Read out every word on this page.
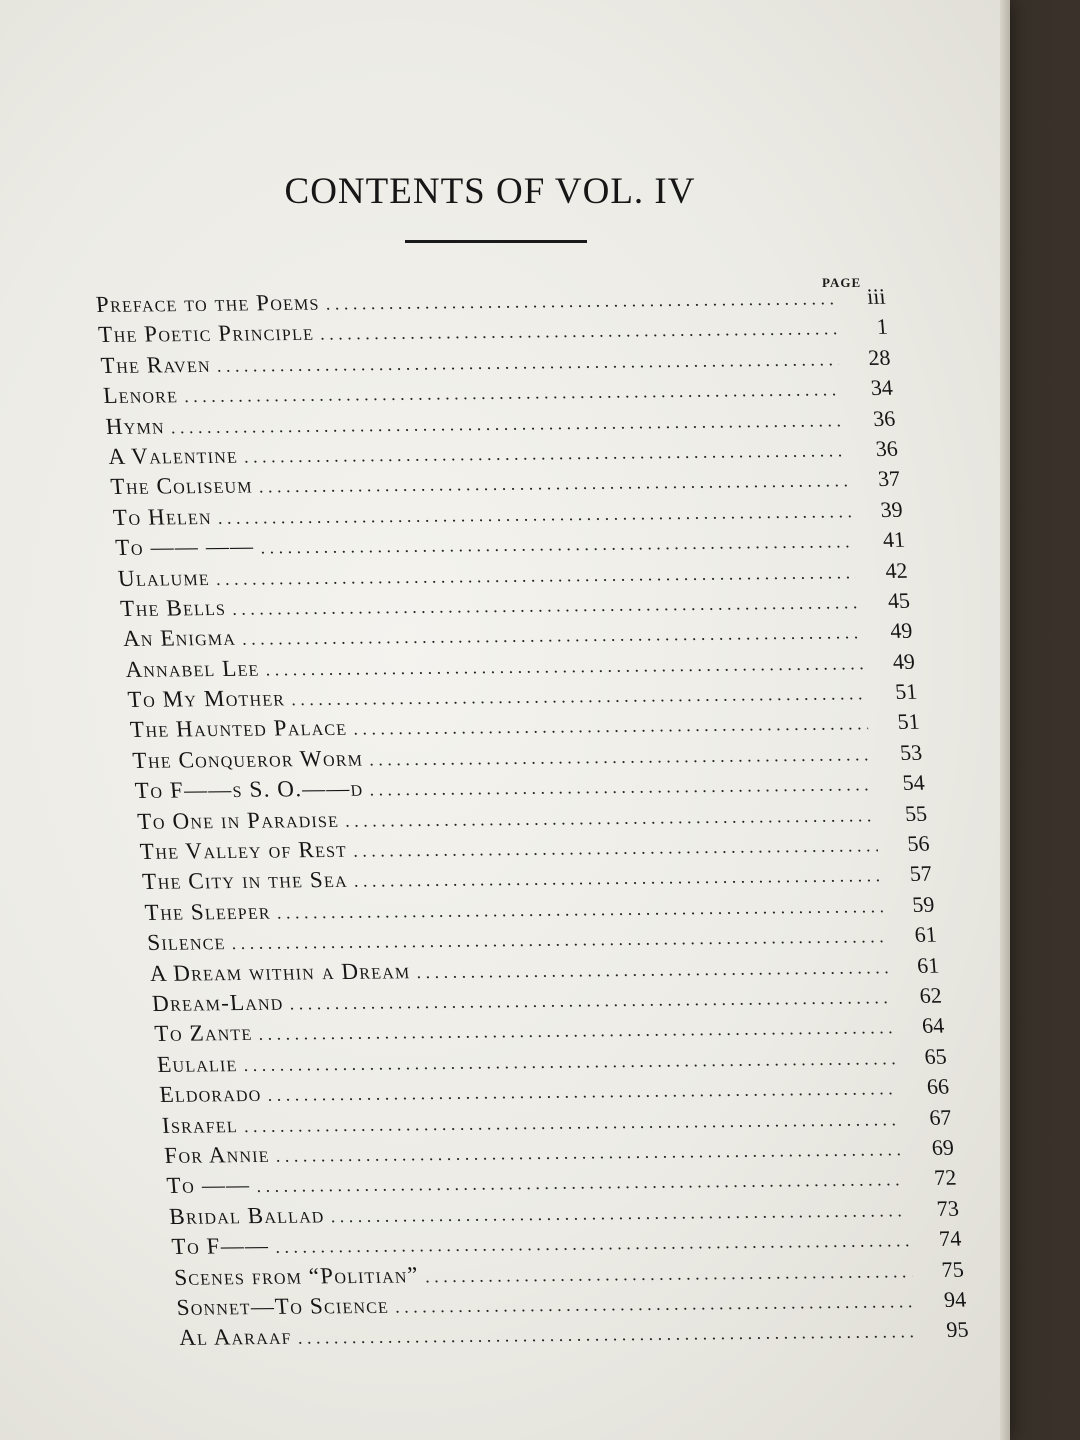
CONTENTS OF VOL. IV
PAGE
Preface to the Poems . . .	iii
The Poetic Principle . . .	1
The Raven . . .	28
Lenore . . .	34
Hymn . . .	36
A Valentine . . .	36
The Coliseum . . .	37
To Helen . . .	39
To —— —— . . .	41
Ulalume . . .	42
The Bells . . .	45
An Enigma . . .	49
Annabel Lee . . .	49
To My Mother . . .	51
The Haunted Palace . . .	51
The Conqueror Worm . . .	53
To F——s S. O.——d . . .	54
To One in Paradise . . .	55
The Valley of Rest . . .	56
The City in the Sea . . .	57
The Sleeper . . .	59
Silence . . .	61
A Dream within a Dream . . .	61
Dream-Land . . .	62
To Zante . . .	64
Eulalie . . .	65
Eldorado . . .	66
Israfel . . .	67
For Annie . . .	69
To —— . . .	72
Bridal Ballad . . .	73
To F—— . . .	74
Scenes from “Politian” . . .	75
Sonnet—To Science . . .	94
Al Aaraaf . . .	95
